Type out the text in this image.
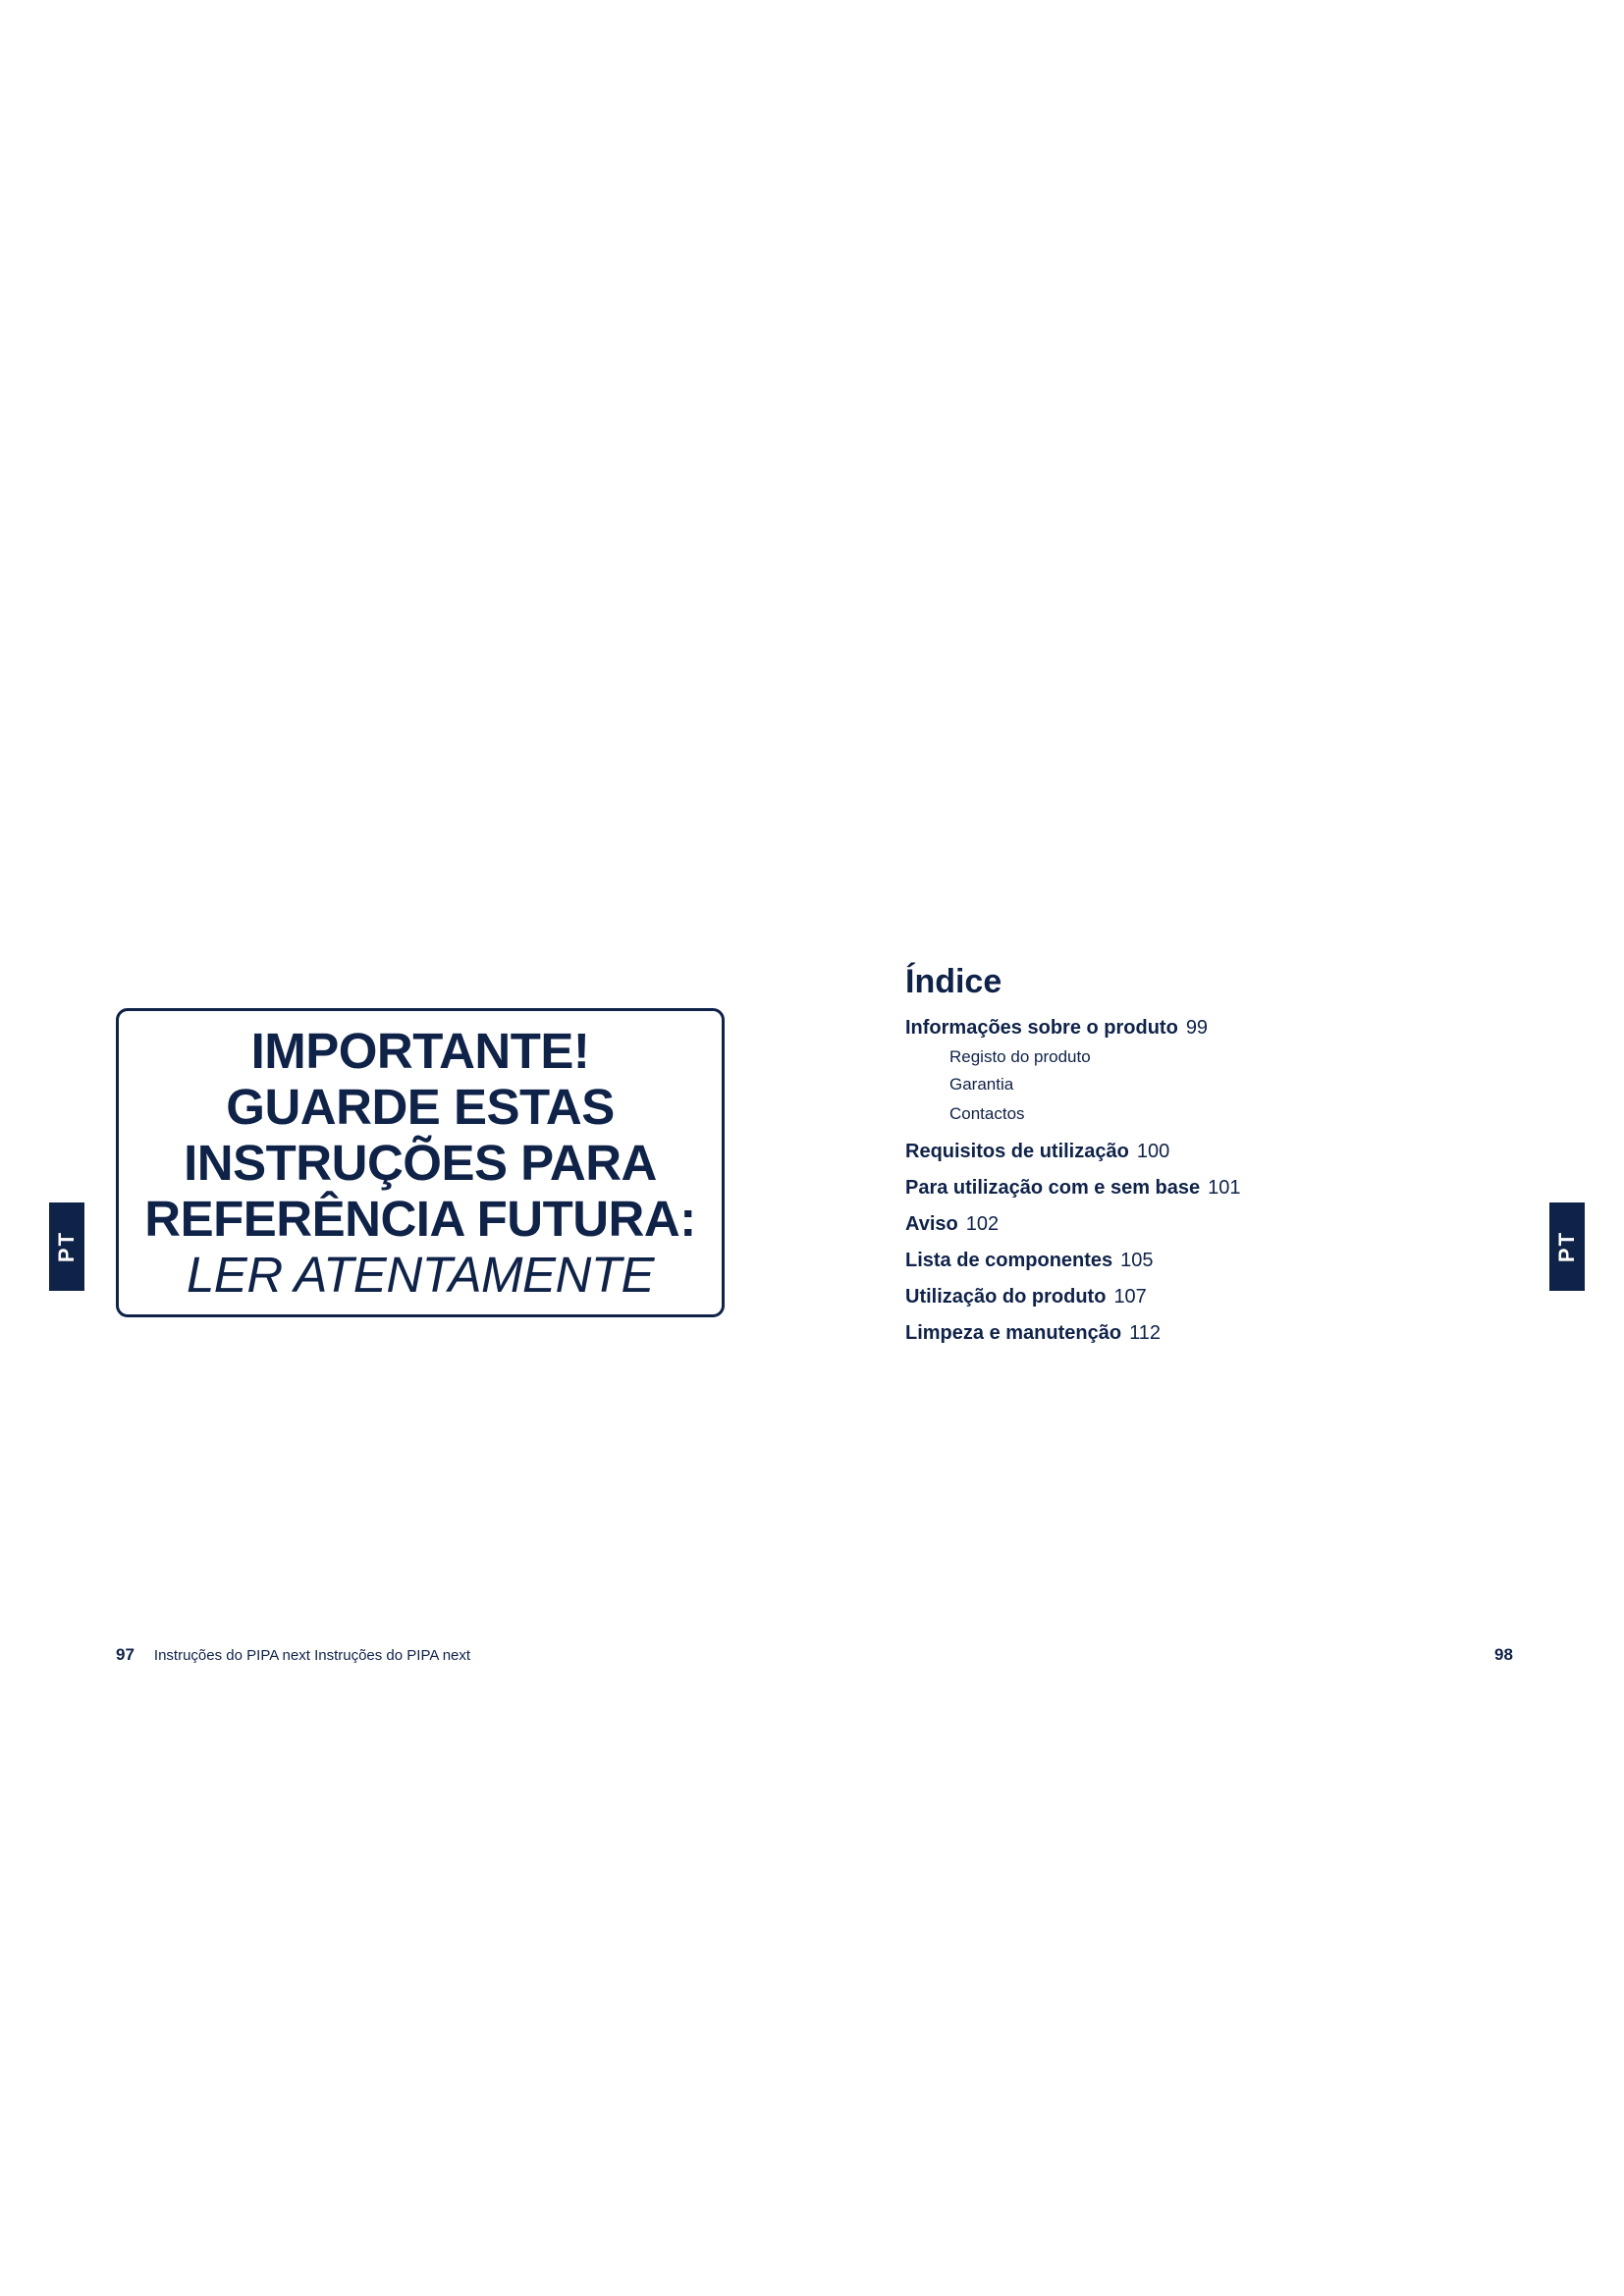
PT
IMPORTANTE!
GUARDE ESTAS
INSTRUÇÕES PARA
REFERÊNCIA FUTURA:
LER ATENTAMENTE
Índice
Informações sobre o produto 99
Registo do produto
Garantia
Contactos
Requisitos de utilização 100
Para utilização com e sem base 101
Aviso 102
Lista de componentes 105
Utilização do produto 107
Limpeza e manutenção 112
PT
97 Instruções do PIPA next Instruções do PIPA next	98
